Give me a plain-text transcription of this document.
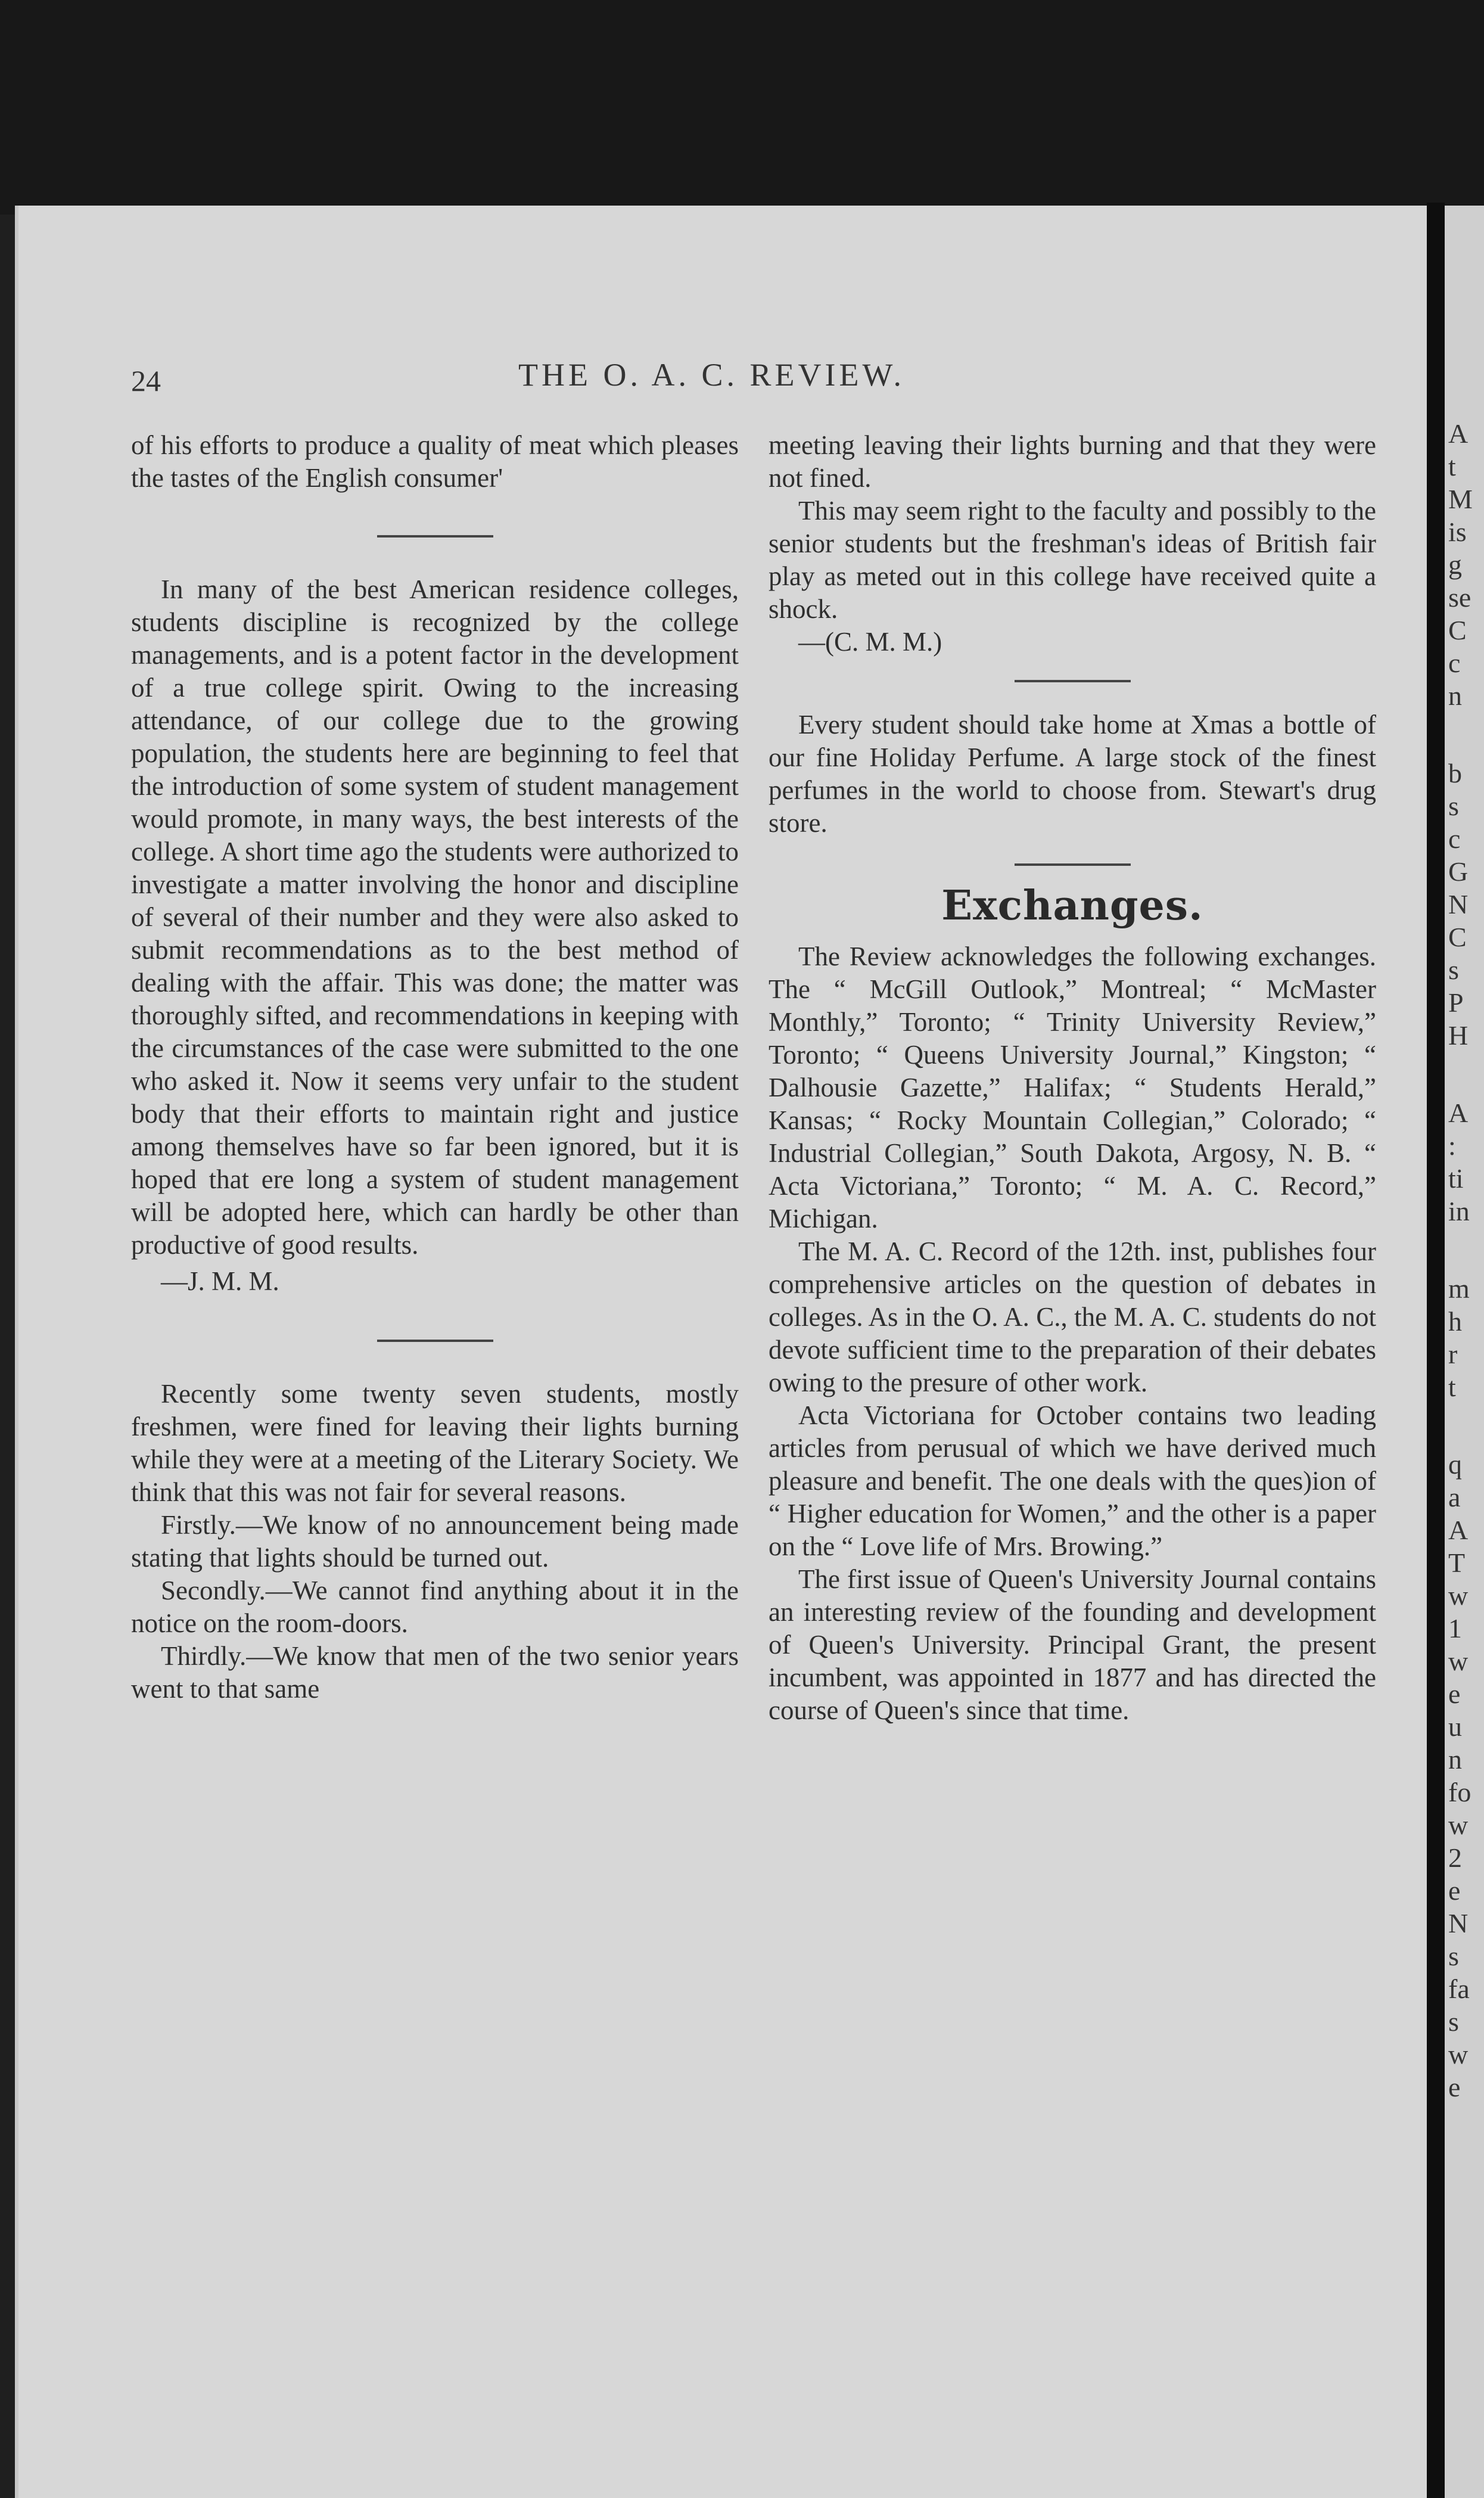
A
t
M
is
g
se
C
c
n
b
s
c
G
N
C
s
P
H
A
:
ti
in
m
h
r
t
q
a
A
T
w
1
w
e
u
n
fo
w
2
e
N
s
fa
s
w
e
24	THE O. A. C. REVIEW.

of his efforts to produce a quality of meat which pleases the tastes of the English consumer'

In many of the best American residence colleges, students discipline is recognized by the college managements, and is a potent factor in the development of a true college spirit. Owing to the increasing attendance, of our college due to the growing population, the students here are beginning to feel that the introduction of some system of student management would promote, in many ways, the best interests of the college. A short time ago the students were authorized to investigate a matter involving the honor and discipline of several of their number and they were also asked to submit recommendations as to the best method of dealing with the affair. This was done; the matter was thoroughly sifted, and recommendations in keeping with the circumstances of the case were submitted to the one who asked it. Now it seems very unfair to the student body that their efforts to maintain right and justice among themselves have so far been ignored, but it is hoped that ere long a system of student management will be adopted here, which can hardly be other than productive of good results.

—J. M. M.

Recently some twenty seven students, mostly freshmen, were fined for leaving their lights burning while they were at a meeting of the Literary Society. We think that this was not fair for several reasons.

Firstly.—We know of no announcement being made stating that lights should be turned out.

Secondly.—We cannot find anything about it in the notice on the room-doors.

Thirdly.—We know that men of the two senior years went to that same

meeting leaving their lights burning and that they were not fined.

This may seem right to the faculty and possibly to the senior students but the freshman's ideas of British fair play as meted out in this college have received quite a shock.

—(C. M. M.)

Every student should take home at Xmas a bottle of our fine Holiday Perfume. A large stock of the finest perfumes in the world to choose from. Stewart's drug store.

Exchanges.

The Review acknowledges the following exchanges. The “ McGill Outlook,” Montreal; “ McMaster Monthly,” Toronto; “ Trinity University Review,” Toronto; “ Queens University Journal,” Kingston; “ Dalhousie Gazette,” Halifax; “ Students Herald,” Kansas; “ Rocky Mountain Collegian,” Colorado; “ Industrial Collegian,” South Dakota, Argosy, N. B. “ Acta Victoriana,” Toronto; “ M. A. C. Record,” Michigan.

The M. A. C. Record of the 12th. inst, publishes four comprehensive articles on the question of debates in colleges. As in the O. A. C., the M. A. C. students do not devote sufficient time to the preparation of their debates owing to the presure of other work.

Acta Victoriana for October contains two leading articles from perusual of which we have derived much pleasure and benefit. The one deals with the ques)ion of “ Higher education for Women,” and the other is a paper on the “ Love life of Mrs. Browing.”

The first issue of Queen's University Journal contains an interesting review of the founding and development of Queen's University. Principal Grant, the present incumbent, was appointed in 1877 and has directed the course of Queen's since that time.
